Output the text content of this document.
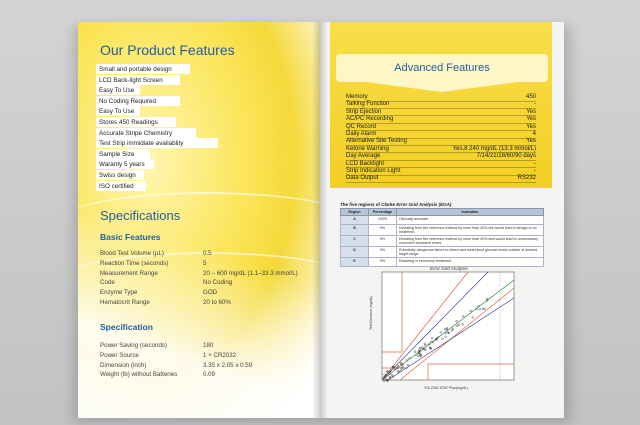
Our Product Features
Small and portable design
LCD Back-light Screen
Easy To Use
No Coding Required
Easy To Use
Stores 450 Readings
Accurate Stripe Chemistry
Test Strip immidiate availablity
Sample Size
Waranty 5 years
Swiss design
ISO certified
Specifications
Basic Features
Blood Test Volume (µL)	0.5
Reaction Time (seconds)	5
Measurement Range	20 – 600 mg/dL (1.1–33.3 mmol/L)
Code	No Coding
Enzyme Type	GOD
Hematocrit Range	20 to 60%
Specification
Power Saving (seconds)	180
Power Source	1 × CR2032
Dimension (inch)	3.35 x 2.05 x 0.59
Weight (lb) without Batteries	0.09
Advanced Features
Memory	450
Talking Function	-
Strip Ejection	Yes
AC/PC Recording	Yes
QC Record	Yes
Daily Alarm	4
Alternative Site Testing	Yes
Ketone Warning	Yes,8 240 mg/dL (13.3 mmol/L)
Day Average	7/14/21/28/60/90 days
LCD Backlight	-
Strip Indication Light	-
Data Output	RS232
The five regions of Clarke Error Grid Analysis (EGA)
Region	Percentage	Indication
A	100%	Clinically accurate
B	0%	Deviating from the reference method by more than 20% but would lead to benign or no treatment.
C	0%	Deviating from the reference method by more than 20% and would lead to unnecessary corrective treatment errors.
D	0%	Potentially dangerous failure to detect and treat blood glucose levels outside of desired target range.
E	0%	Resulting in erroneous treatment
Error Grid Analysis
Test Decision (mg/dL)
YSI-2300 STAT Plus(mg/dL)
